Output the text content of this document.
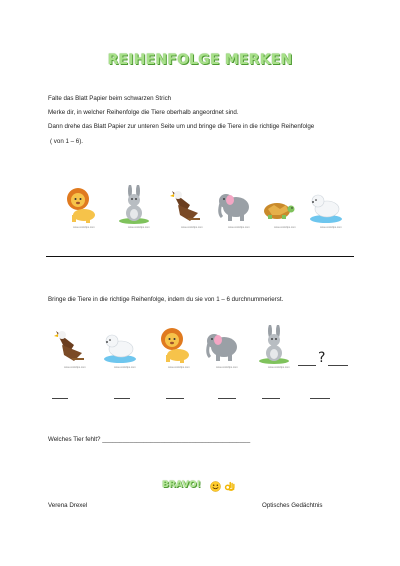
REIHENFOLGE MERKEN
Falte das Blatt Papier beim schwarzen Strich
Merke dir, in welcher Reihenfolge die Tiere oberhalb angeordnet sind.
Dann drehe das Blatt Papier zur unteren Seite um und bringe die Tiere in die richtige Reihenfolge
( von 1 – 6).
www.coolclips.com	www.coolclips.com	www.coolclips.com	www.coolclips.com	www.coolclips.com	www.coolclips.com
Bringe die Tiere in die richtige Reihenfolge, indem du sie von 1 – 6 durchnummerierst.
www.coolclips.com	www.coolclips.com	www.coolclips.com	www.coolclips.com	www.coolclips.com
?
Welches Tier fehlt? ___________________________________________
BRAVO!
Verena Drexel	Optisches Gedächtnis
